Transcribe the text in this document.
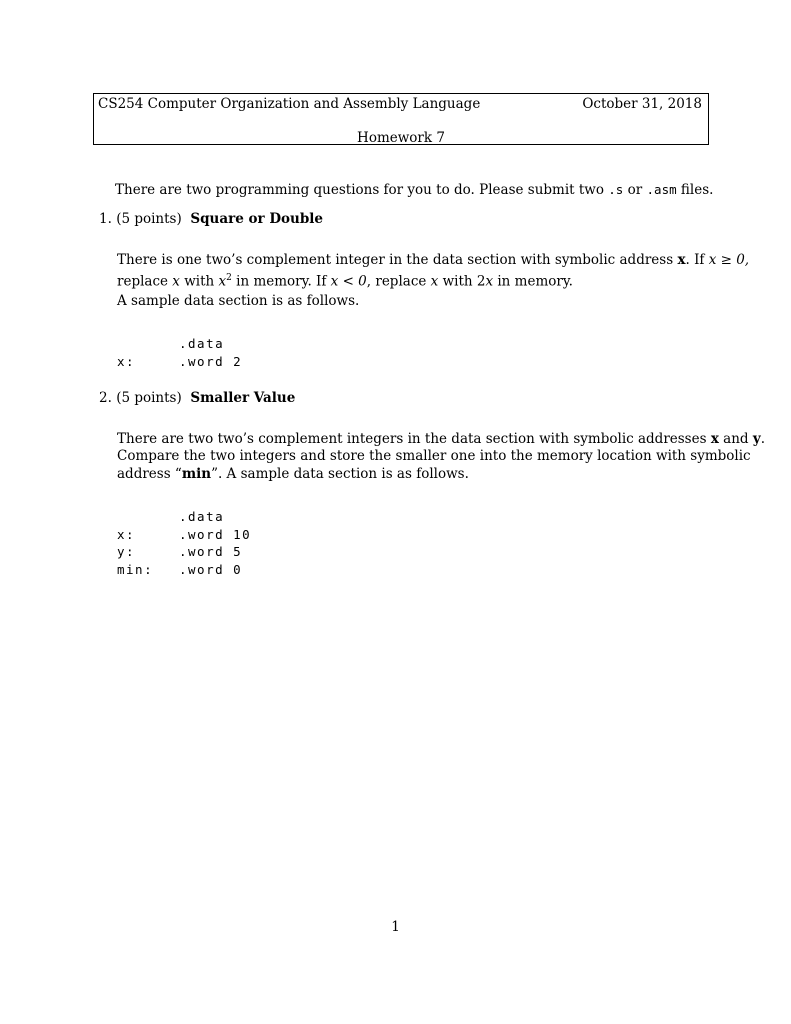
CS254 Computer Organization and Assembly Language	October 31, 2018
Homework 7
There are two programming questions for you to do. Please submit two .s or .asm files.
1. (5 points) Square or Double
There is one two’s complement integer in the data section with symbolic address x. If x ≥ 0,
replace x with $x^2$ in memory. If x < 0, replace x with 2x in memory.
A sample data section is as follows.
.data
x:	.word 2
2. (5 points) Smaller Value
There are two two’s complement integers in the data section with symbolic addresses x and y.
Compare the two integers and store the smaller one into the memory location with symbolic
address “min”. A sample data section is as follows.
.data
x:	.word 10
y:	.word 5
min: .word 0
1
